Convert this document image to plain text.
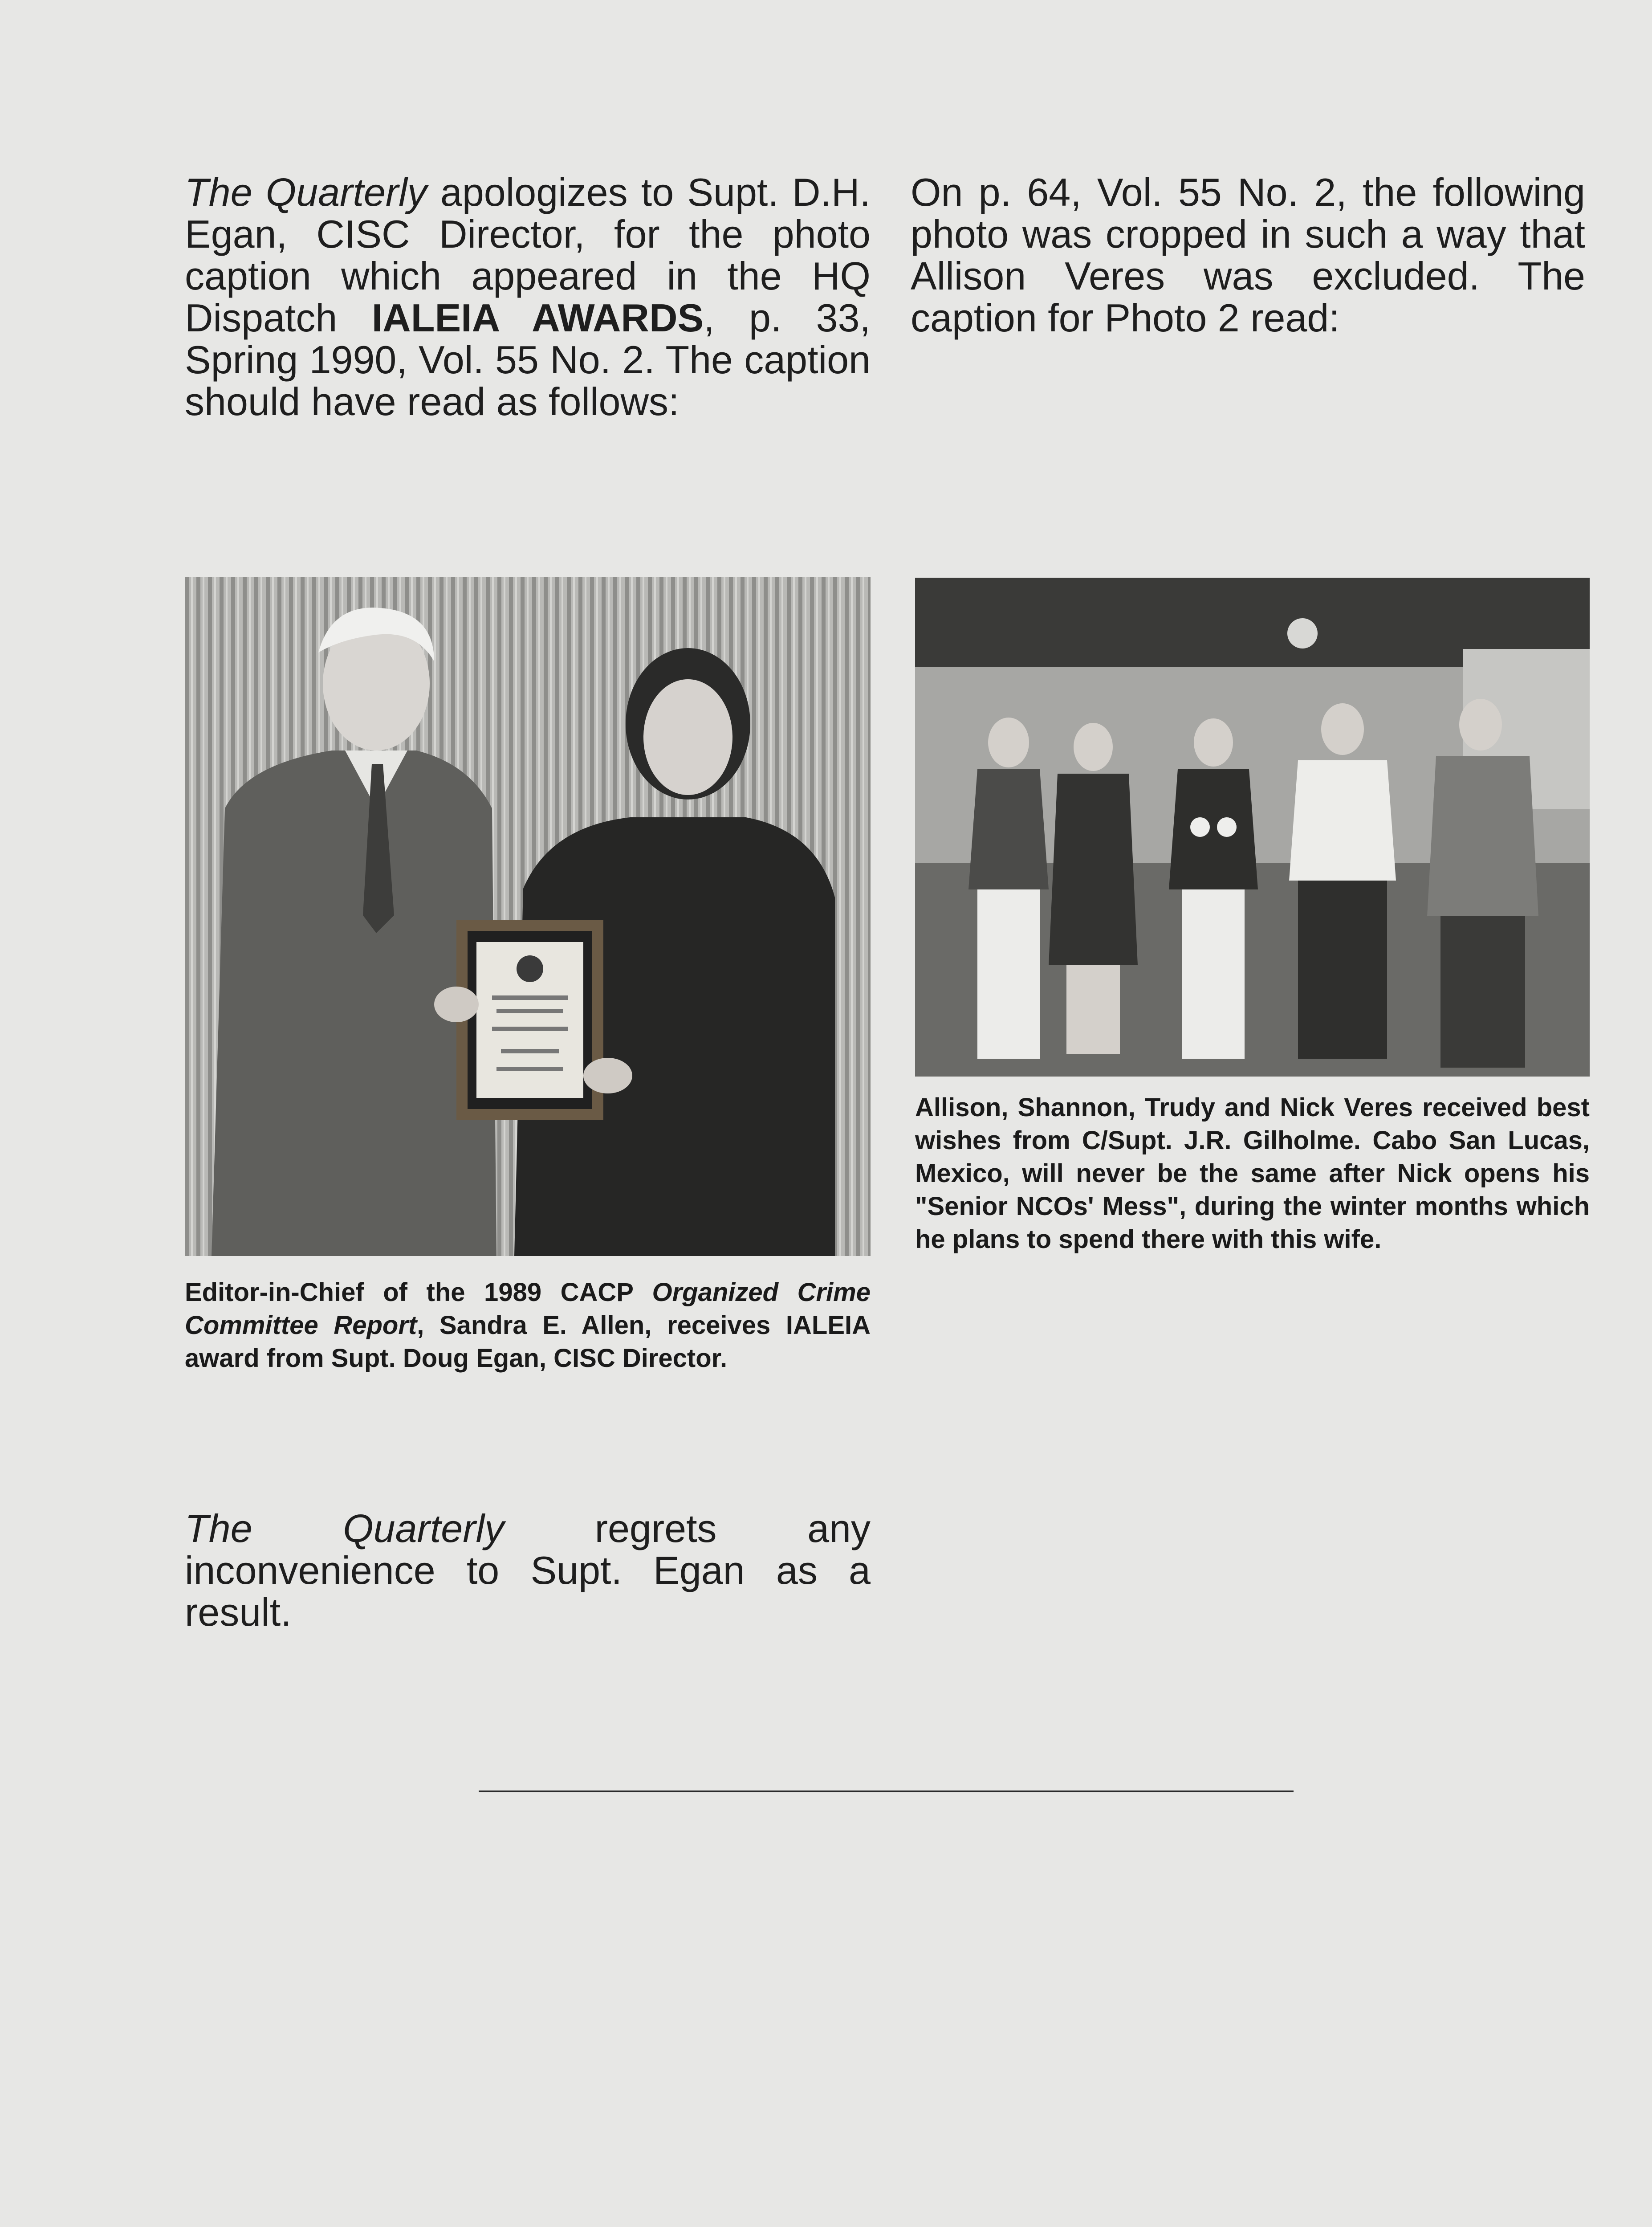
The Quarterly apologizes to Supt. D.H. Egan, CISC Director, for the photo caption which appeared in the HQ Dispatch IALEIA AWARDS, p. 33, Spring 1990, Vol. 55 No. 2. The caption should have read as follows:

On p. 64, Vol. 55 No. 2, the following photo was cropped in such a way that Allison Veres was excluded. The caption for Photo 2 read:

Editor-in-Chief of the 1989 CACP Organized Crime Committee Report, Sandra E. Allen, receives IALEIA award from Supt. Doug Egan, CISC Director.

Allison, Shannon, Trudy and Nick Veres received best wishes from C/Supt. J.R. Gilholme. Cabo San Lucas, Mexico, will never be the same after Nick opens his "Senior NCOs' Mess", during the winter months which he plans to spend there with this wife.

The Quarterly regrets any inconvenience to Supt. Egan as a result.
